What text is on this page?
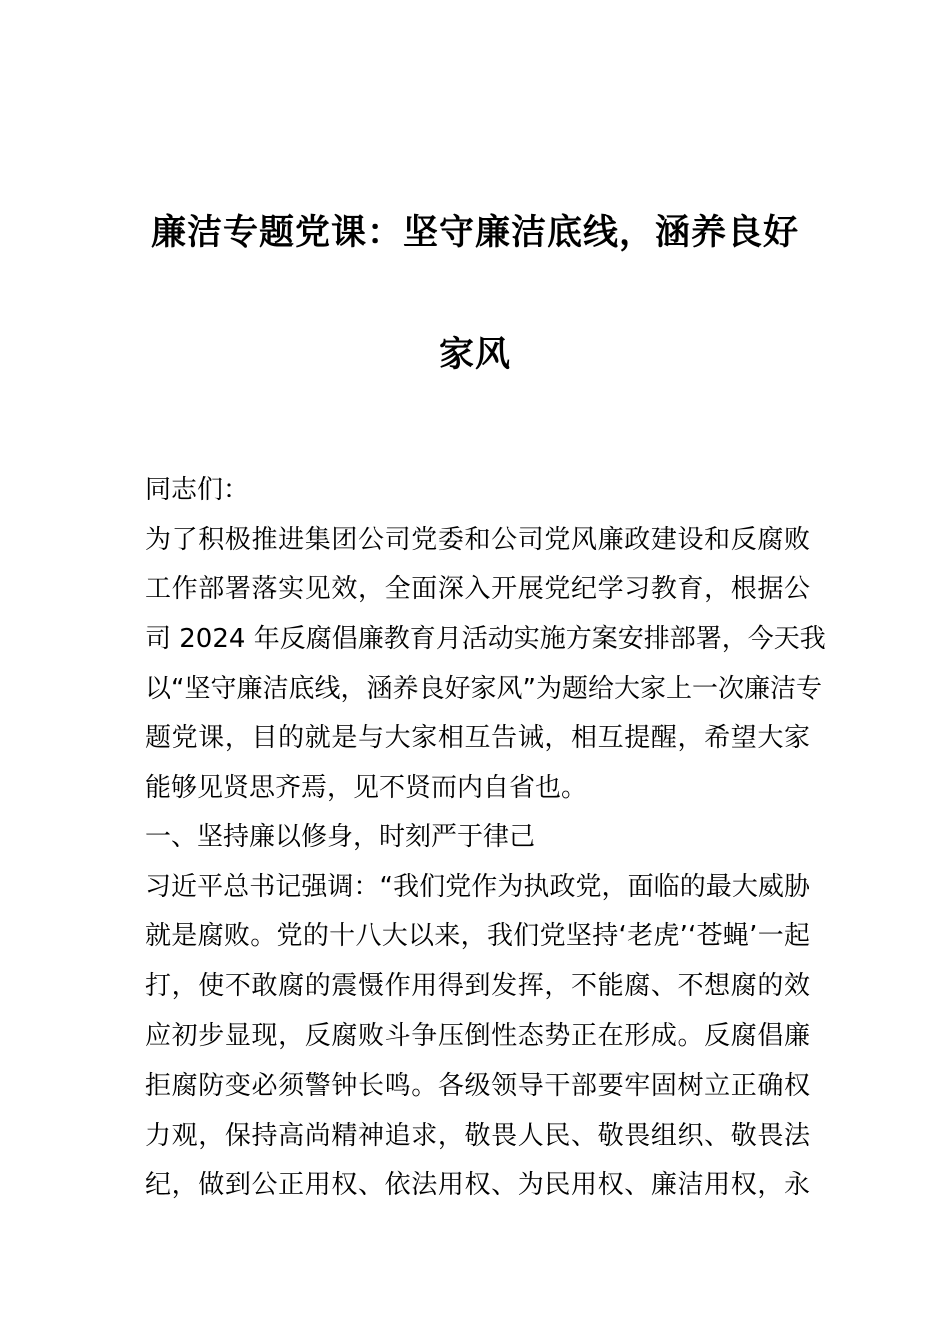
廉洁专题党课：坚守廉洁底线，涵养良好
家风

同志们：

为了积极推进集团公司党委和公司党风廉政建设和反腐败

工作部署落实见效，全面深入开展党纪学习教育，根据公

司 2024 年反腐倡廉教育月活动实施方案安排部署，今天我

以“坚守廉洁底线，涵养良好家风”为题给大家上一次廉洁专

题党课，目的就是与大家相互告诫，相互提醒，希望大家

能够见贤思齐焉，见不贤而内自省也。

一、坚持廉以修身，时刻严于律己

习近平总书记强调：“我们党作为执政党，面临的最大威胁

就是腐败。党的十八大以来，我们党坚持‘老虎’‘苍蝇’一起

打，使不敢腐的震慑作用得到发挥，不能腐、不想腐的效

应初步显现，反腐败斗争压倒性态势正在形成。反腐倡廉

拒腐防变必须警钟长鸣。各级领导干部要牢固树立正确权

力观，保持高尚精神追求，敬畏人民、敬畏组织、敬畏法

纪，做到公正用权、依法用权、为民用权、廉洁用权，永
